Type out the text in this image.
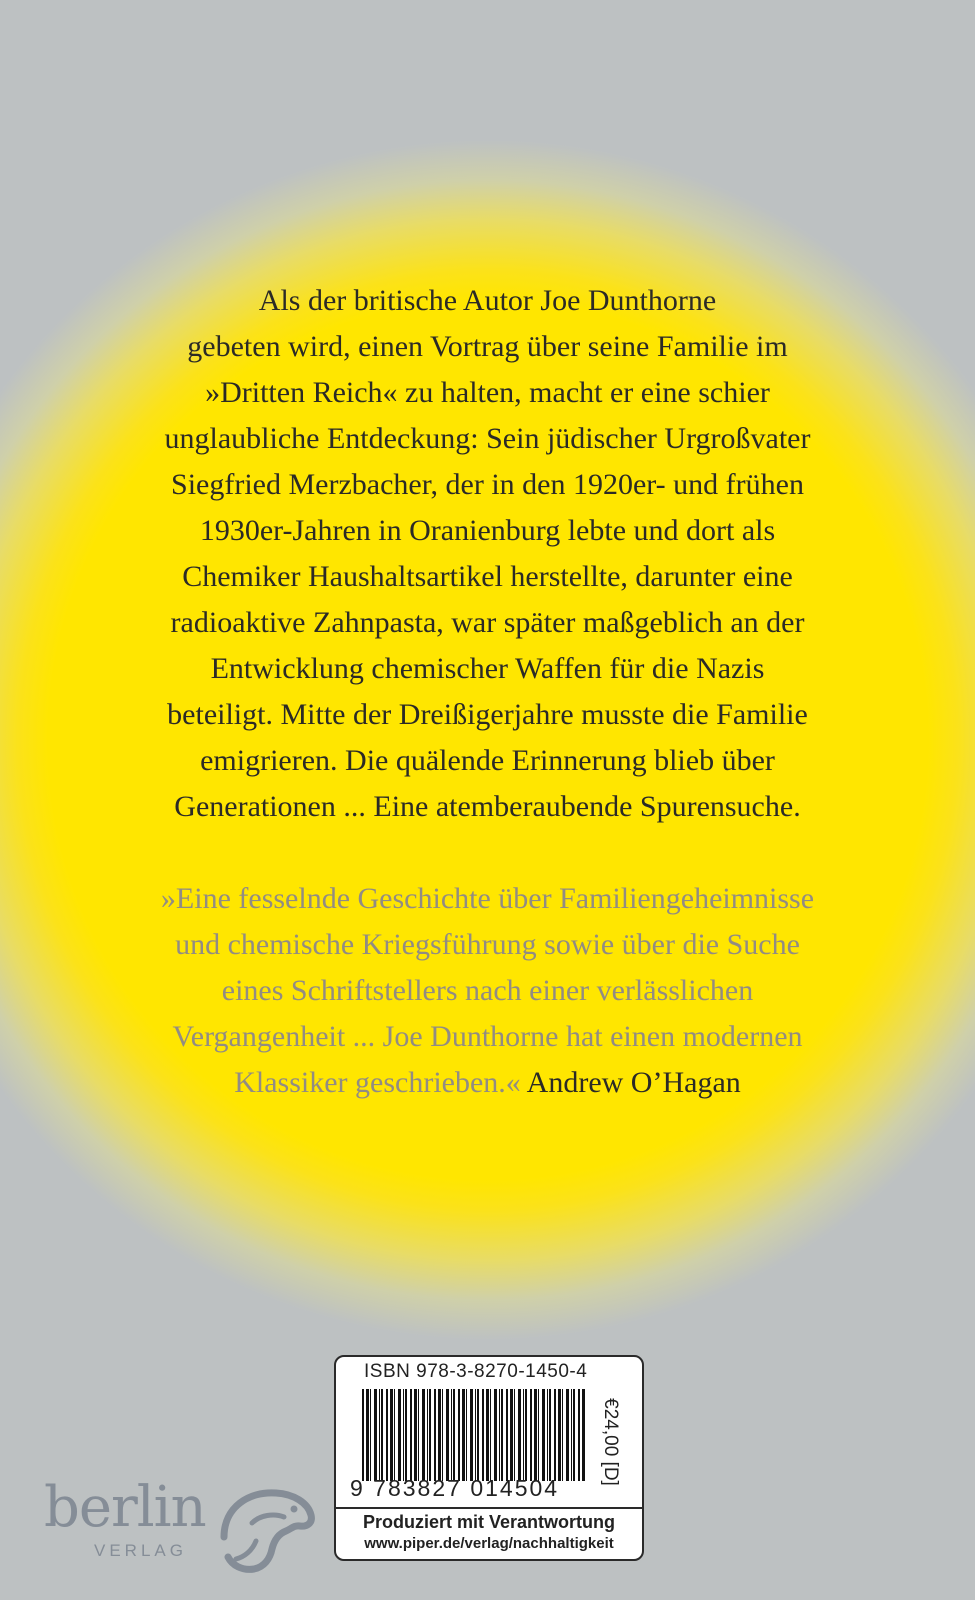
Als der britische Autor Joe Dunthorne
gebeten wird, einen Vortrag über seine Familie im
»Dritten Reich« zu halten, macht er eine schier
unglaubliche Entdeckung: Sein jüdischer Urgroßvater
Siegfried Merzbacher, der in den 1920er- und frühen
1930er-Jahren in Oranienburg lebte und dort als
Chemiker Haushaltsartikel herstellte, darunter eine
radioaktive Zahnpasta, war später maßgeblich an der
Entwicklung chemischer Waffen für die Nazis
beteiligt. Mitte der Dreißigerjahre musste die Familie
emigrieren. Die quälende Erinnerung blieb über
Generationen ... Eine atemberaubende Spurensuche.
»Eine fesselnde Geschichte über Familiengeheimnisse
und chemische Kriegsführung sowie über die Suche
eines Schriftstellers nach einer verlässlichen
Vergangenheit ... Joe Dunthorne hat einen modernen
Klassiker geschrieben.« Andrew O’Hagan
ISBN 978-3-8270-1450-4
9 783827 014504
€24,00 [D]
Produziert mit Verantwortung
www.piper.de/verlag/nachhaltigkeit
berlin
VERLAG
